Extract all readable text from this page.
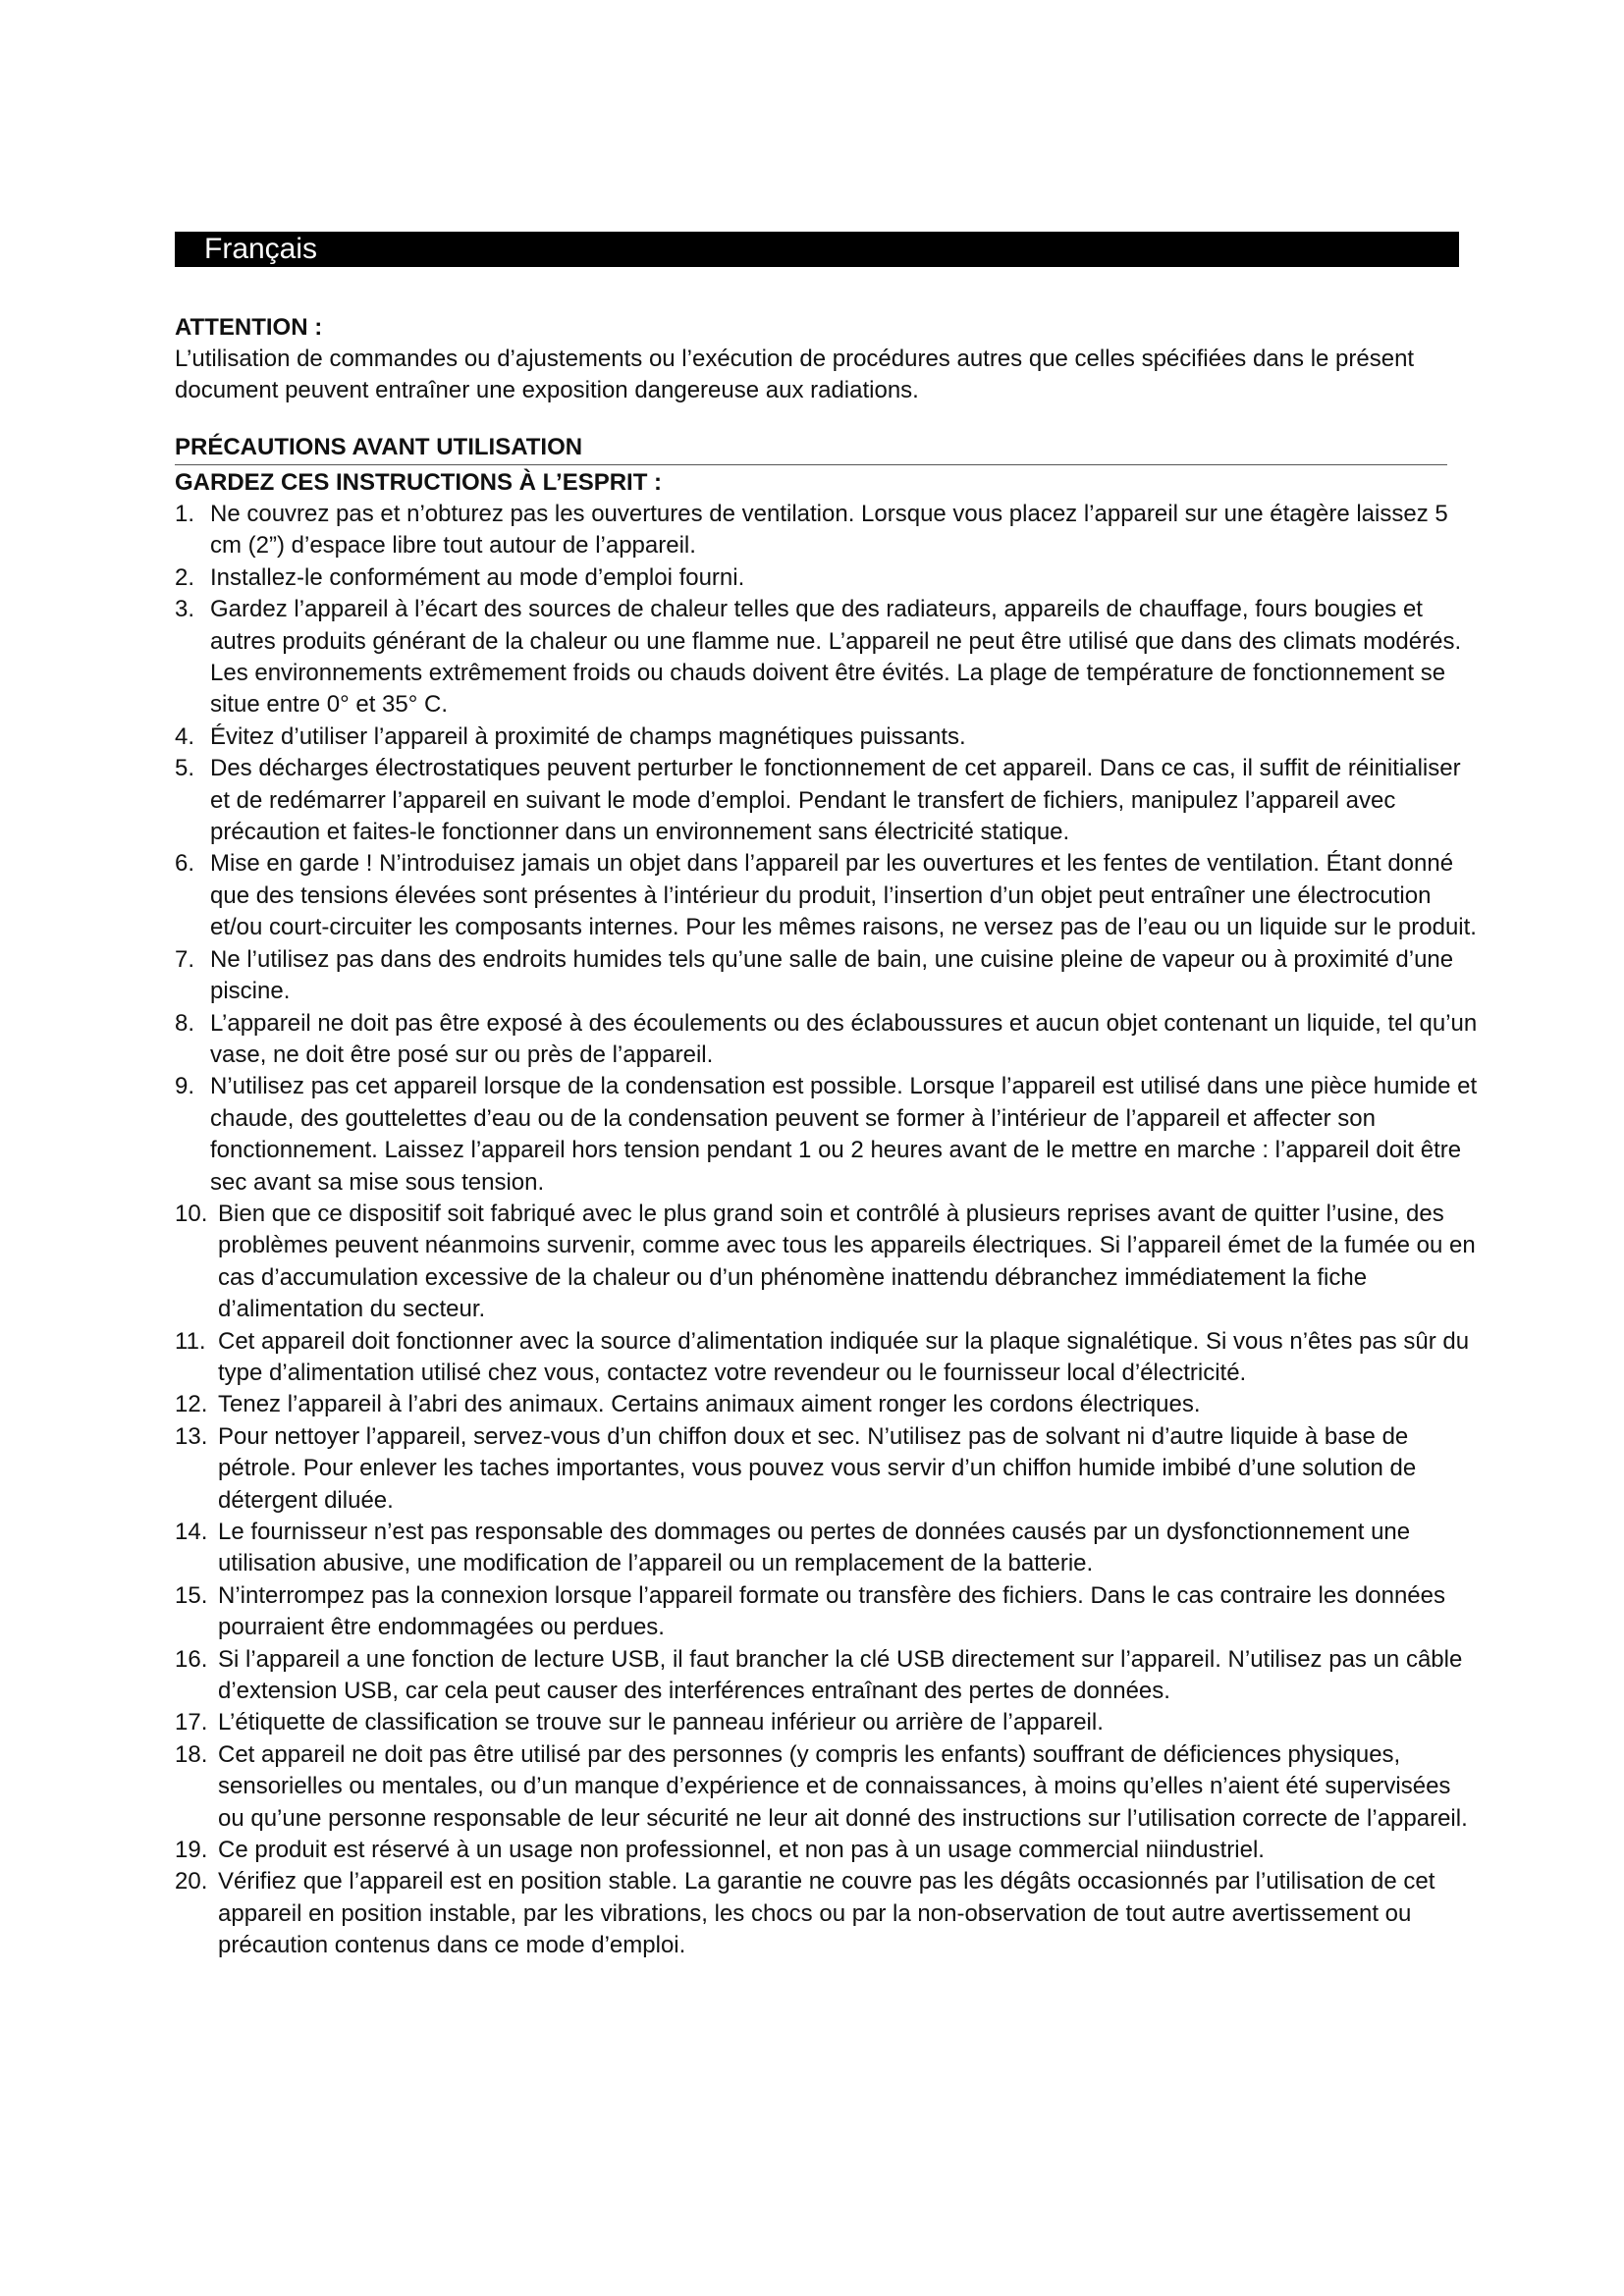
Français
ATTENTION :

L’utilisation de commandes ou d’ajustements ou l’exécution de procédures autres que celles spécifiées dans le présent document peuvent entraîner une exposition dangereuse aux radiations.

PRÉCAUTIONS AVANT UTILISATION
GARDEZ CES INSTRUCTIONS À L’ESPRIT :
1. Ne couvrez pas et n’obturez pas les ouvertures de ventilation. Lorsque vous placez l’appareil sur une étagère laissez 5 cm (2”) d’espace libre tout autour de l’appareil.
2. Installez-le conformément au mode d’emploi fourni.
3. Gardez l’appareil à l’écart des sources de chaleur telles que des radiateurs, appareils de chauffage, fours bougies et autres produits générant de la chaleur ou une flamme nue. L’appareil ne peut être utilisé que dans des climats modérés. Les environnements extrêmement froids ou chauds doivent être évités. La plage de température de fonctionnement se situe entre 0° et 35° C.
4. Évitez d’utiliser l’appareil à proximité de champs magnétiques puissants.
5. Des décharges électrostatiques peuvent perturber le fonctionnement de cet appareil. Dans ce cas, il suffit de réinitialiser et de redémarrer l’appareil en suivant le mode d’emploi. Pendant le transfert de fichiers, manipulez l’appareil avec précaution et faites-le fonctionner dans un environnement sans électricité statique.
6. Mise en garde ! N’introduisez jamais un objet dans l’appareil par les ouvertures et les fentes de ventilation. Étant donné que des tensions élevées sont présentes à l’intérieur du produit, l’insertion d’un objet peut entraîner une électrocution et/ou court-circuiter les composants internes. Pour les mêmes raisons, ne versez pas de l’eau ou un liquide sur le produit.
7. Ne l’utilisez pas dans des endroits humides tels qu’une salle de bain, une cuisine pleine de vapeur ou à proximité d’une piscine.
8. L’appareil ne doit pas être exposé à des écoulements ou des éclaboussures et aucun objet contenant un liquide, tel qu’un vase, ne doit être posé sur ou près de l’appareil.
9. N’utilisez pas cet appareil lorsque de la condensation est possible. Lorsque l’appareil est utilisé dans une pièce humide et chaude, des gouttelettes d’eau ou de la condensation peuvent se former à l’intérieur de l’appareil et affecter son fonctionnement. Laissez l’appareil hors tension pendant 1 ou 2 heures avant de le mettre en marche : l’appareil doit être sec avant sa mise sous tension.
10. Bien que ce dispositif soit fabriqué avec le plus grand soin et contrôlé à plusieurs reprises avant de quitter l’usine, des problèmes peuvent néanmoins survenir, comme avec tous les appareils électriques. Si l’appareil émet de la fumée ou en cas d’accumulation excessive de la chaleur ou d’un phénomène inattendu débranchez immédiatement la fiche d’alimentation du secteur.
11. Cet appareil doit fonctionner avec la source d’alimentation indiquée sur la plaque signalétique. Si vous n’êtes pas sûr du type d’alimentation utilisé chez vous, contactez votre revendeur ou le fournisseur local d’électricité.
12. Tenez l’appareil à l’abri des animaux. Certains animaux aiment ronger les cordons électriques.
13. Pour nettoyer l’appareil, servez-vous d’un chiffon doux et sec. N’utilisez pas de solvant ni d’autre liquide à base de pétrole. Pour enlever les taches importantes, vous pouvez vous servir d’un chiffon humide imbibé d’une solution de détergent diluée.
14. Le fournisseur n’est pas responsable des dommages ou pertes de données causés par un dysfonctionnement une utilisation abusive, une modification de l’appareil ou un remplacement de la batterie.
15. N’interrompez pas la connexion lorsque l’appareil formate ou transfère des fichiers. Dans le cas contraire les données pourraient être endommagées ou perdues.
16. Si l’appareil a une fonction de lecture USB, il faut brancher la clé USB directement sur l’appareil. N’utilisez pas un câble d’extension USB, car cela peut causer des interférences entraînant des pertes de données.
17. L’étiquette de classification se trouve sur le panneau inférieur ou arrière de l’appareil.
18. Cet appareil ne doit pas être utilisé par des personnes (y compris les enfants) souffrant de déficiences physiques, sensorielles ou mentales, ou d’un manque d’expérience et de connaissances, à moins qu’elles n’aient été supervisées ou qu’une personne responsable de leur sécurité ne leur ait donné des instructions sur l’utilisation correcte de l’appareil.
19. Ce produit est réservé à un usage non professionnel, et non pas à un usage commercial niindustriel.
20. Vérifiez que l’appareil est en position stable. La garantie ne couvre pas les dégâts occasionnés par l’utilisation de cet appareil en position instable, par les vibrations, les chocs ou par la non-observation de tout autre avertissement ou précaution contenus dans ce mode d’emploi.
